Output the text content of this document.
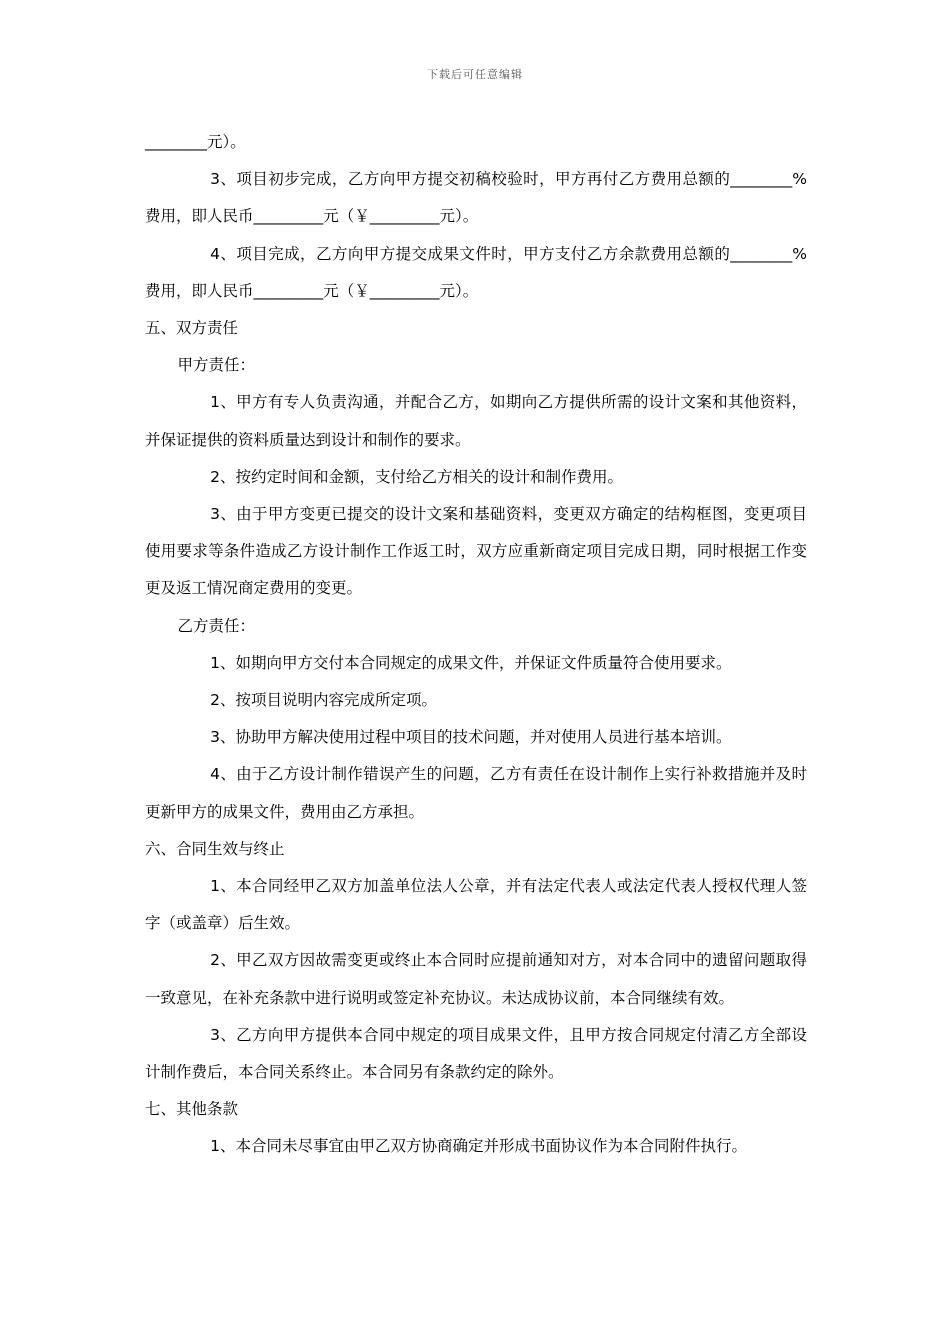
下载后可任意编辑

________元）。

3、项目初步完成，乙方向甲方提交初稿校验时，甲方再付乙方费用总额的________%费用，即人民币_________元（￥_________元）。

4、项目完成，乙方向甲方提交成果文件时，甲方支付乙方余款费用总额的________%费用，即人民币_________元（￥_________元）。

五、双方责任

甲方责任：

1、甲方有专人负责沟通，并配合乙方，如期向乙方提供所需的设计文案和其他资料，并保证提供的资料质量达到设计和制作的要求。

2、按约定时间和金额，支付给乙方相关的设计和制作费用。

3、由于甲方变更已提交的设计文案和基础资料，变更双方确定的结构框图，变更项目使用要求等条件造成乙方设计制作工作返工时，双方应重新商定项目完成日期，同时根据工作变更及返工情况商定费用的变更。

乙方责任：

1、如期向甲方交付本合同规定的成果文件，并保证文件质量符合使用要求。

2、按项目说明内容完成所定项。

3、协助甲方解决使用过程中项目的技术问题，并对使用人员进行基本培训。

4、由于乙方设计制作错误产生的问题，乙方有责任在设计制作上实行补救措施并及时更新甲方的成果文件，费用由乙方承担。

六、合同生效与终止

1、本合同经甲乙双方加盖单位法人公章，并有法定代表人或法定代表人授权代理人签字（或盖章）后生效。

2、甲乙双方因故需变更或终止本合同时应提前通知对方，对本合同中的遗留问题取得一致意见，在补充条款中进行说明或签定补充协议。未达成协议前，本合同继续有效。

3、乙方向甲方提供本合同中规定的项目成果文件，且甲方按合同规定付清乙方全部设计制作费后，本合同关系终止。本合同另有条款约定的除外。

七、其他条款

1、本合同未尽事宜由甲乙双方协商确定并形成书面协议作为本合同附件执行。
